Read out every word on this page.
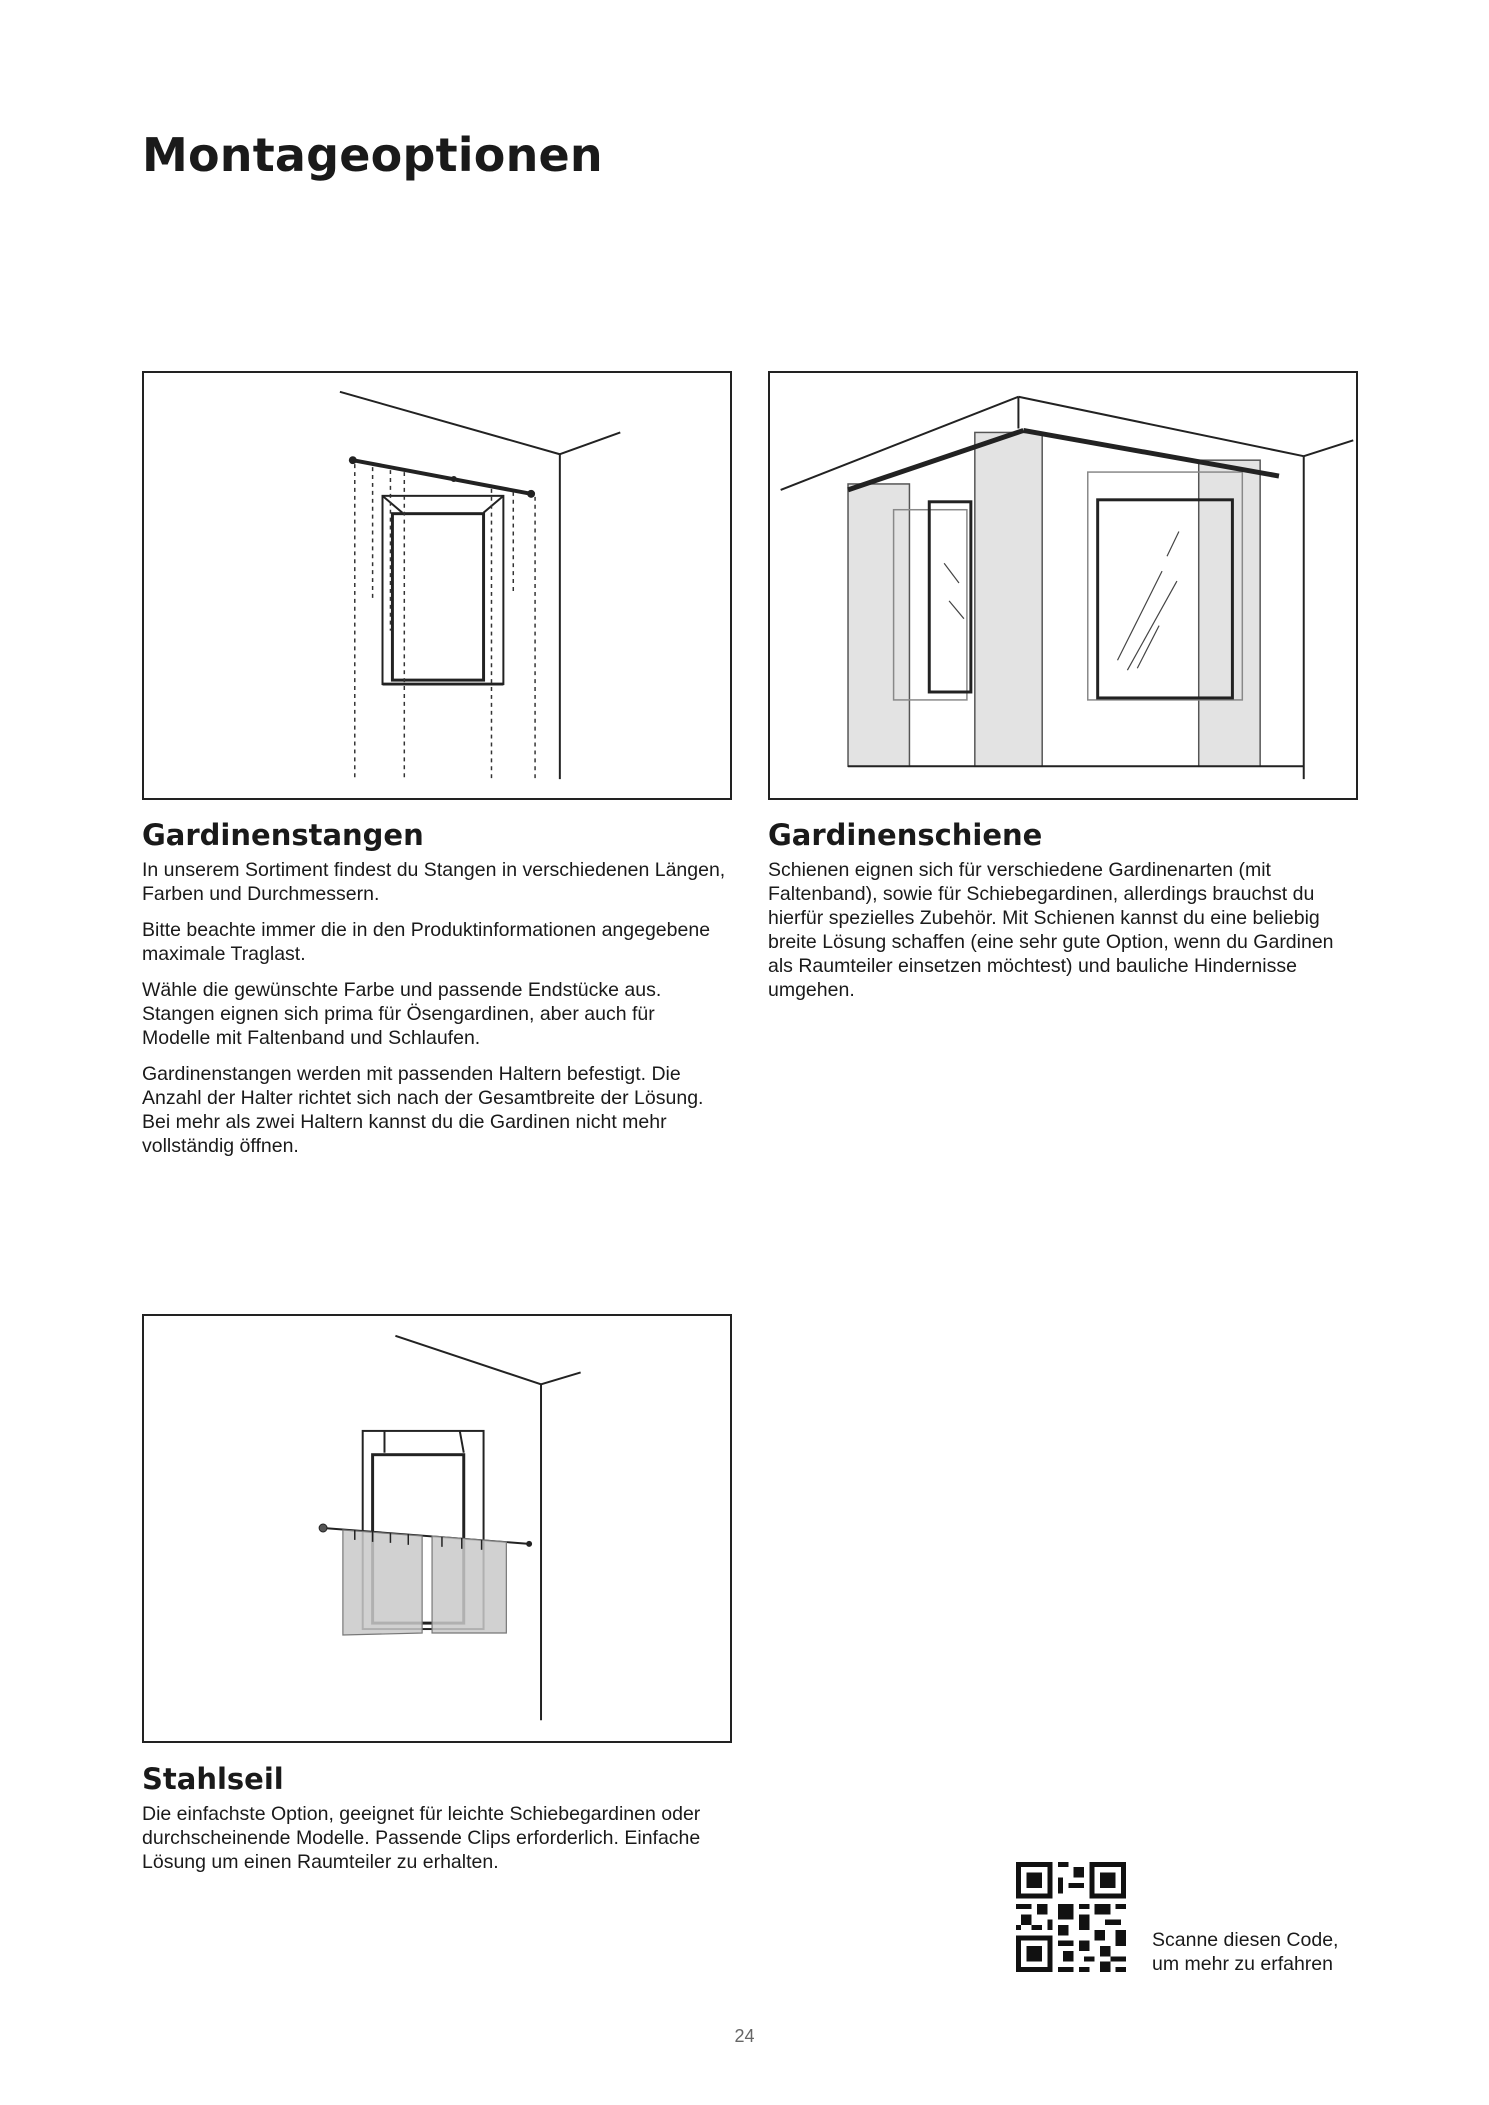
Montageoptionen
Gardinenstangen

In unserem Sortiment findest du Stangen in verschiedenen Längen, Farben und Durchmessern.

Bitte beachte immer die in den Produktinformationen angegebene maximale Traglast.

Wähle die gewünschte Farbe und passende Endstücke aus. Stangen eignen sich prima für Ösengardinen, aber auch für Modelle mit Faltenband und Schlaufen.

Gardinenstangen werden mit passenden Haltern befestigt. Die Anzahl der Halter richtet sich nach der Gesamtbreite der Lösung. Bei mehr als zwei Haltern kannst du die Gardinen nicht mehr vollständig öffnen.

Gardinenschiene

Schienen eignen sich für verschiedene Gardinenarten (mit Faltenband), sowie für Schiebegardinen, allerdings brauchst du hierfür spezielles Zubehör. Mit Schienen kannst du eine beliebig breite Lösung schaffen (eine sehr gute Option, wenn du Gardinen als Raumteiler einsetzen möchtest) und bauliche Hindernisse umgehen.

Stahlseil

Die einfachste Option, geeignet für leichte Schiebegardinen oder durchscheinende Modelle. Passende Clips erforderlich. Einfache Lösung um einen Raumteiler zu erhalten.

Scanne diesen Code,
um mehr zu erfahren
24
